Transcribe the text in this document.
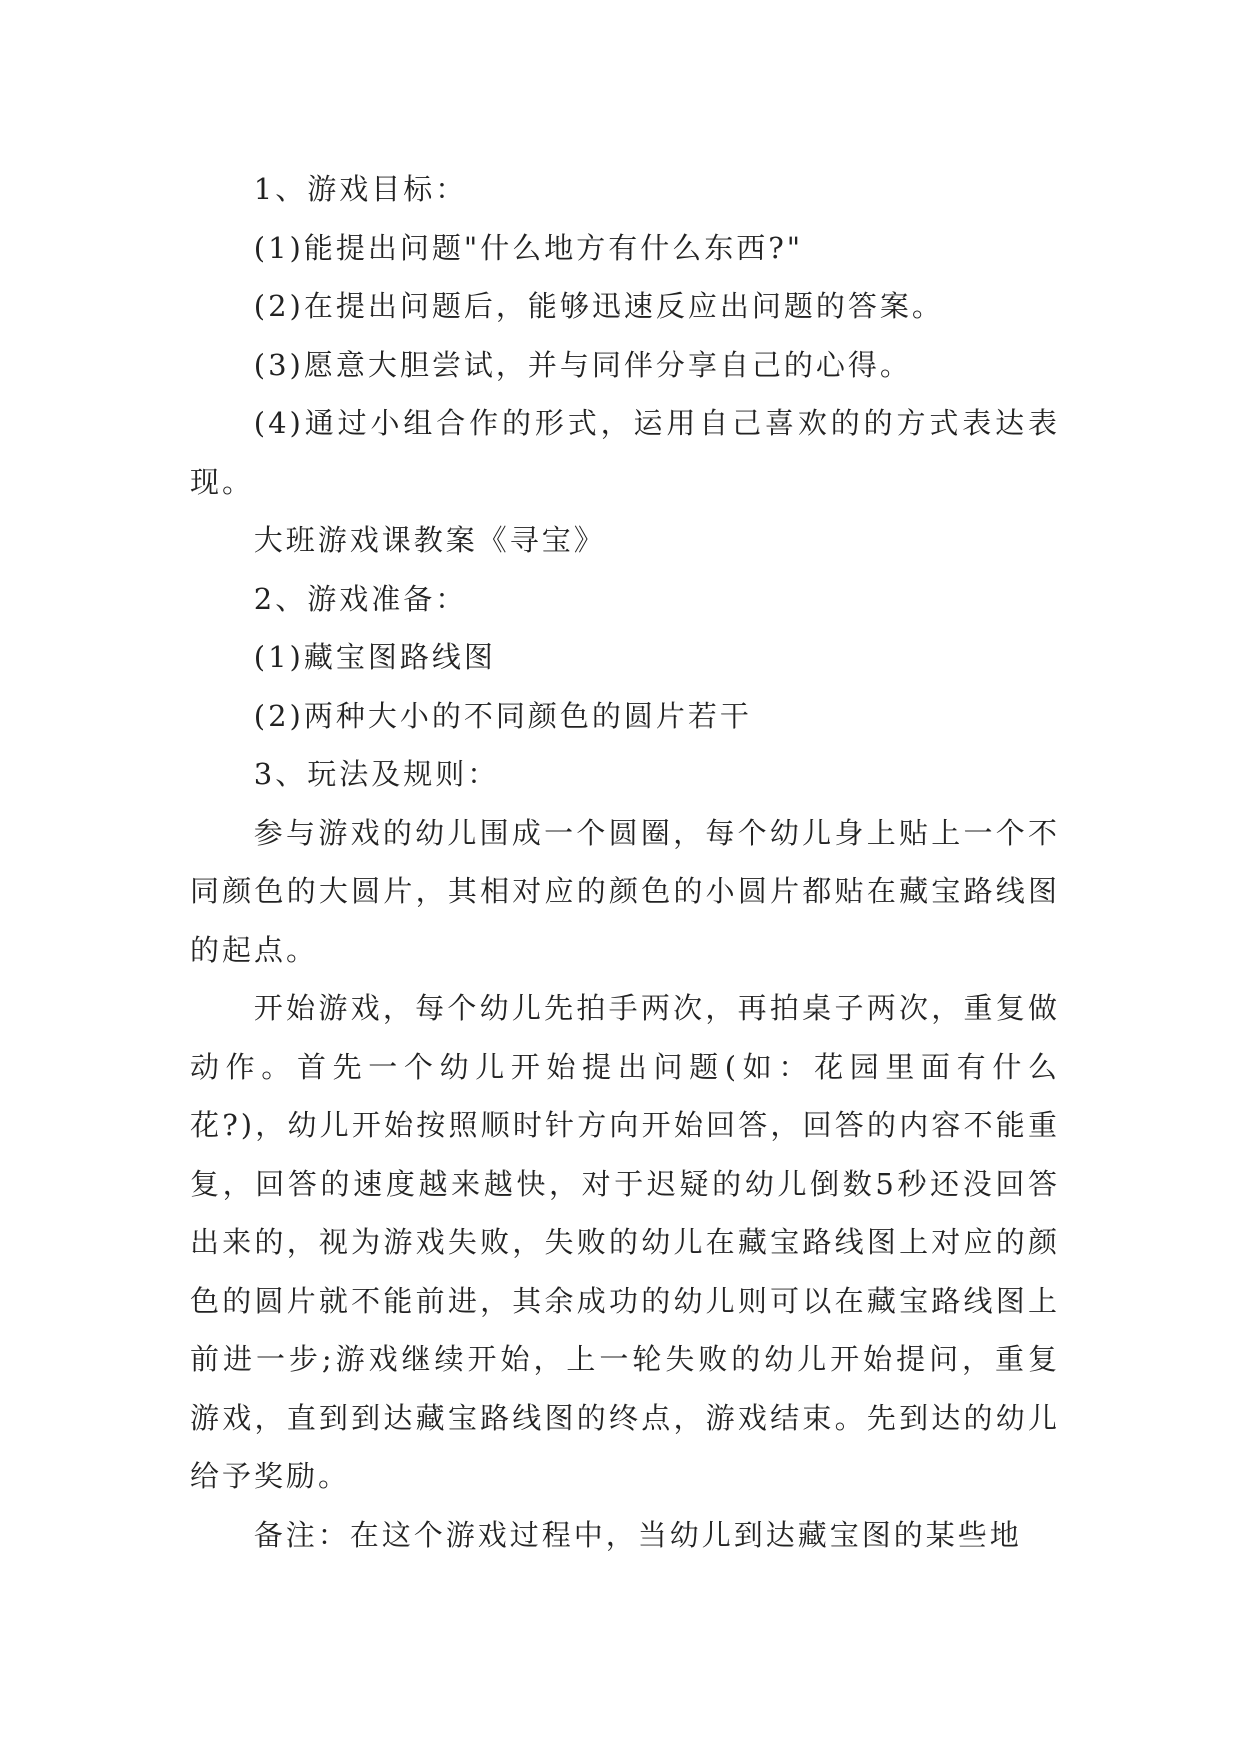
1、游戏目标：

(1)能提出问题"什么地方有什么东西?"

(2)在提出问题后，能够迅速反应出问题的答案。

(3)愿意大胆尝试，并与同伴分享自己的心得。

(4)通过小组合作的形式，运用自己喜欢的的方式表达表现。

大班游戏课教案《寻宝》

2、游戏准备：

(1)藏宝图路线图

(2)两种大小的不同颜色的圆片若干

3、玩法及规则：

参与游戏的幼儿围成一个圆圈，每个幼儿身上贴上一个不同颜色的大圆片，其相对应的颜色的小圆片都贴在藏宝路线图的起点。

开始游戏，每个幼儿先拍手两次，再拍桌子两次，重复做动作。首先一个幼儿开始提出问题(如：花园里面有什么花?)，幼儿开始按照顺时针方向开始回答，回答的内容不能重复，回答的速度越来越快，对于迟疑的幼儿倒数5秒还没回答出来的，视为游戏失败，失败的幼儿在藏宝路线图上对应的颜色的圆片就不能前进，其余成功的幼儿则可以在藏宝路线图上前进一步;游戏继续开始，上一轮失败的幼儿开始提问，重复游戏，直到到达藏宝路线图的终点，游戏结束。先到达的幼儿给予奖励。

备注：在这个游戏过程中，当幼儿到达藏宝图的某些地
